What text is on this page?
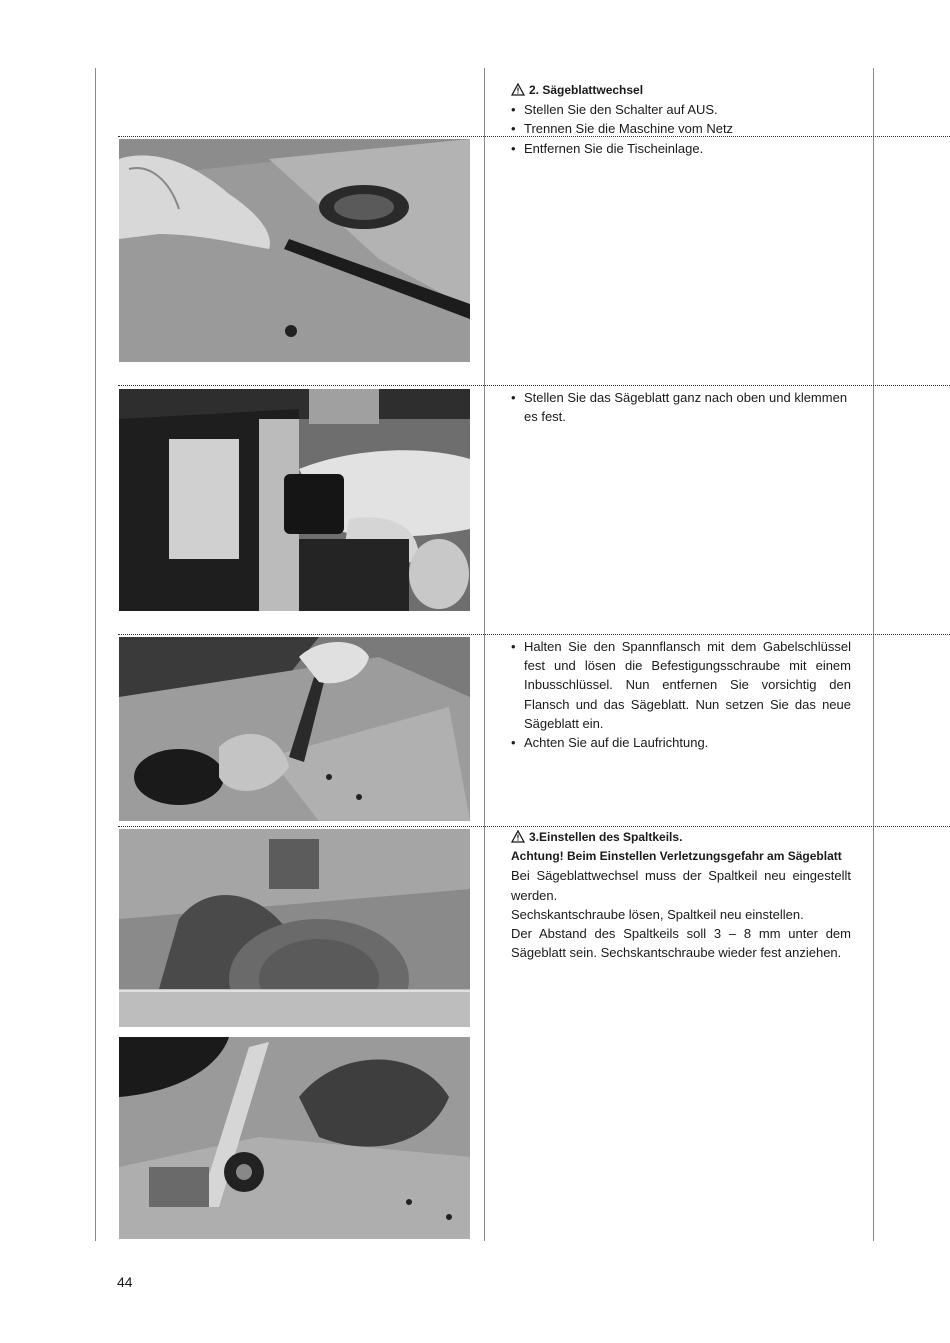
2. Sägeblattwechsel
• Stellen Sie den Schalter auf AUS.
• Trennen Sie die Maschine vom Netz
• Entfernen Sie die Tischeinlage.
• Stellen Sie das Sägeblatt ganz nach oben und klemmen es fest.
• Halten Sie den Spannflansch mit dem Gabelschlüssel fest und lösen die Befestigungsschraube mit einem Inbusschlüssel. Nun entfernen Sie vorsichtig den Flansch und das Sägeblatt. Nun setzen Sie das neue Sägeblatt ein.
• Achten Sie auf die Laufrichtung.
3.Einstellen des Spaltkeils.
Achtung! Beim Einstellen Verletzungsgefahr am Sägeblatt

Bei Sägeblattwechsel muss der Spaltkeil neu eingestellt werden.

Sechskantschraube lösen, Spaltkeil neu einstellen.

Der Abstand des Spaltkeils soll 3 – 8 mm unter dem Sägeblatt sein. Sechskantschraube wieder fest anziehen.

44
